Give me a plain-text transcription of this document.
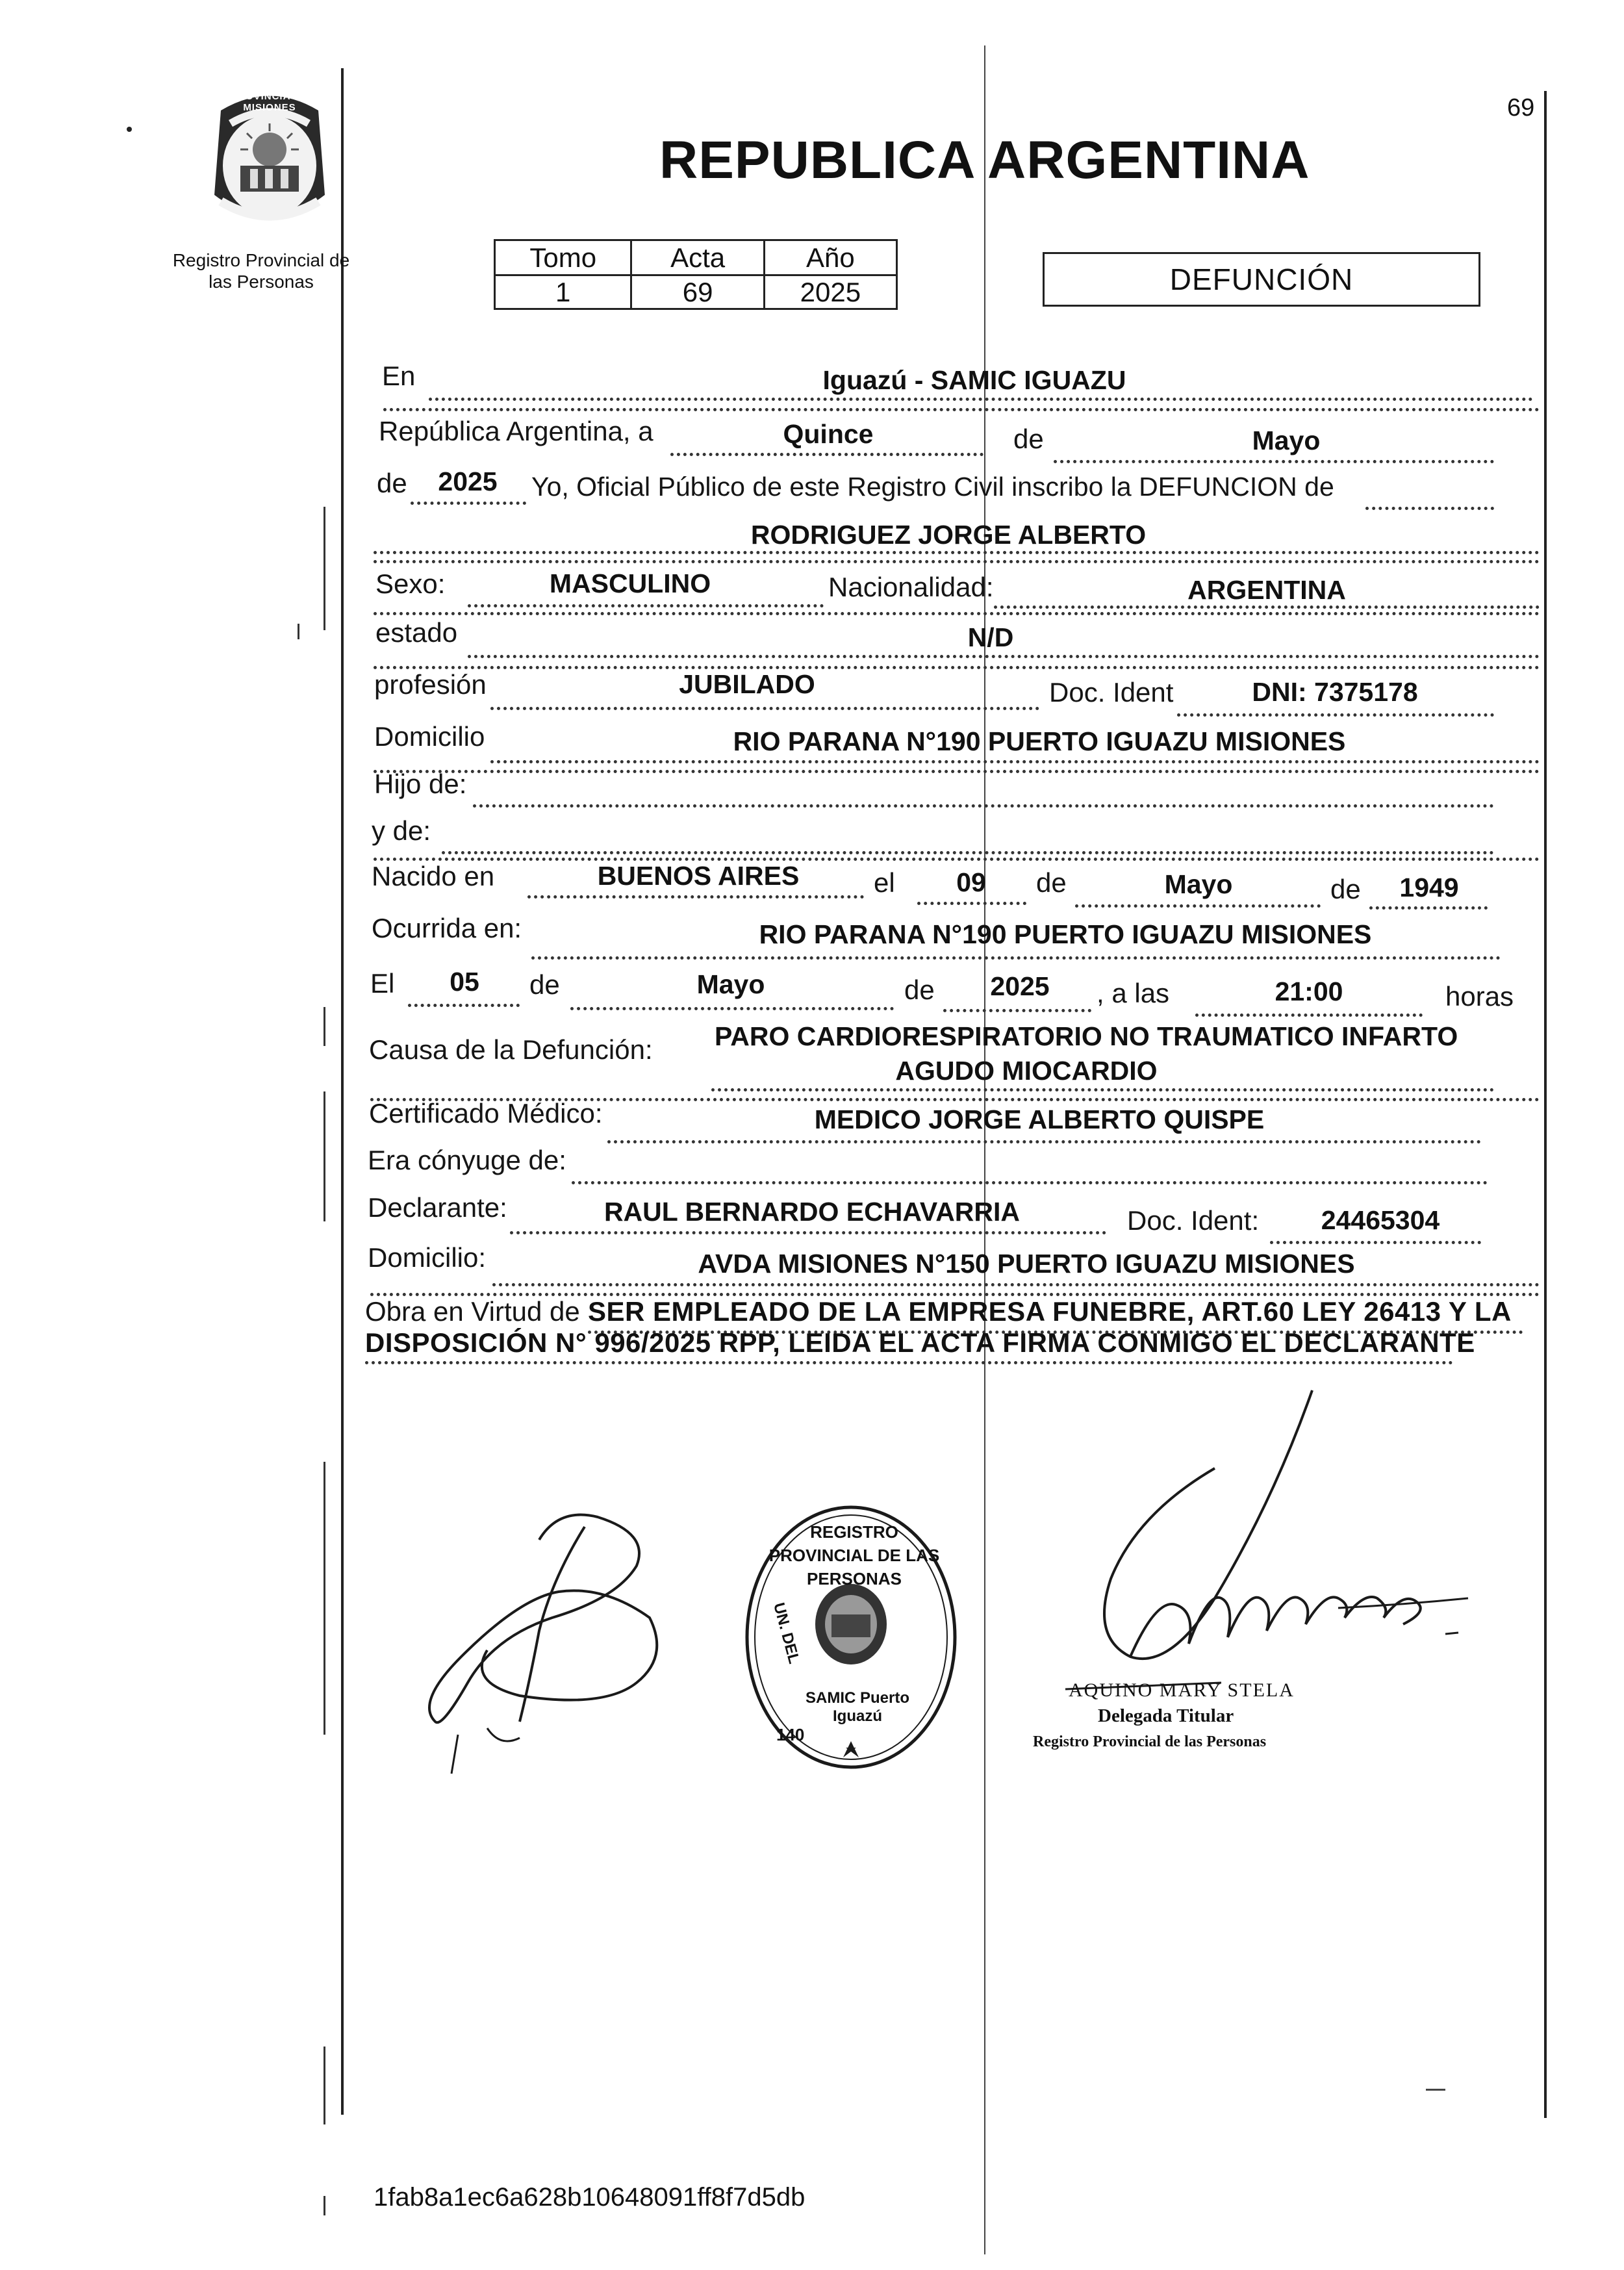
PROVINCIA DE MISIONES
Registro Provincial de
las Personas
REPUBLICA ARGENTINA
69
Tomo	Acta	Año
1	69	2025	DEFUNCIÓN
En	Iguazú - SAMIC IGUAZU
República Argentina, a	Quince	de	Mayo
de	2025	Yo, Oficial Público de este Registro Civil inscribo la DEFUNCION de
RODRIGUEZ JORGE ALBERTO
Sexo:	MASCULINO	Nacionalidad:	ARGENTINA
estado	N/D
profesión	JUBILADO	Doc. Ident	DNI: 7375178
Domicilio	RIO PARANA N°190 PUERTO IGUAZU MISIONES
Hijo de:
y de:
Nacido en	BUENOS AIRES	el	09	de	Mayo	de	1949
Ocurrida en:	RIO PARANA N°190 PUERTO IGUAZU MISIONES
El	05	de	Mayo	de	2025	, a las	21:00	horas
Causa de la Defunción: PARO CARDIORESPIRATORIO NO TRAUMATICO INFARTO
AGUDO MIOCARDIO
Certificado Médico:	MEDICO JORGE ALBERTO QUISPE
Era cónyuge de:
Declarante:	RAUL BERNARDO ECHAVARRIA	Doc. Ident:	24465304
Domicilio:	AVDA MISIONES N°150 PUERTO IGUAZU MISIONES
Obra en Virtud de SER EMPLEADO DE LA EMPRESA FUNEBRE, ART.60 LEY 26413 Y LA
DISPOSICIÓN N° 996/2025 RPP, LEIDA EL ACTA FIRMA CONMIGO EL DECLARANTE
REGISTRO PROVINCIAL DE LAS PERSONAS
UN. DEL
SAMIC Puerto Iguazú
140
AQUINO MARY STELA
Delegada Titular
Registro Provincial de las Personas
1fab8a1ec6a628b10648091ff8f7d5db
